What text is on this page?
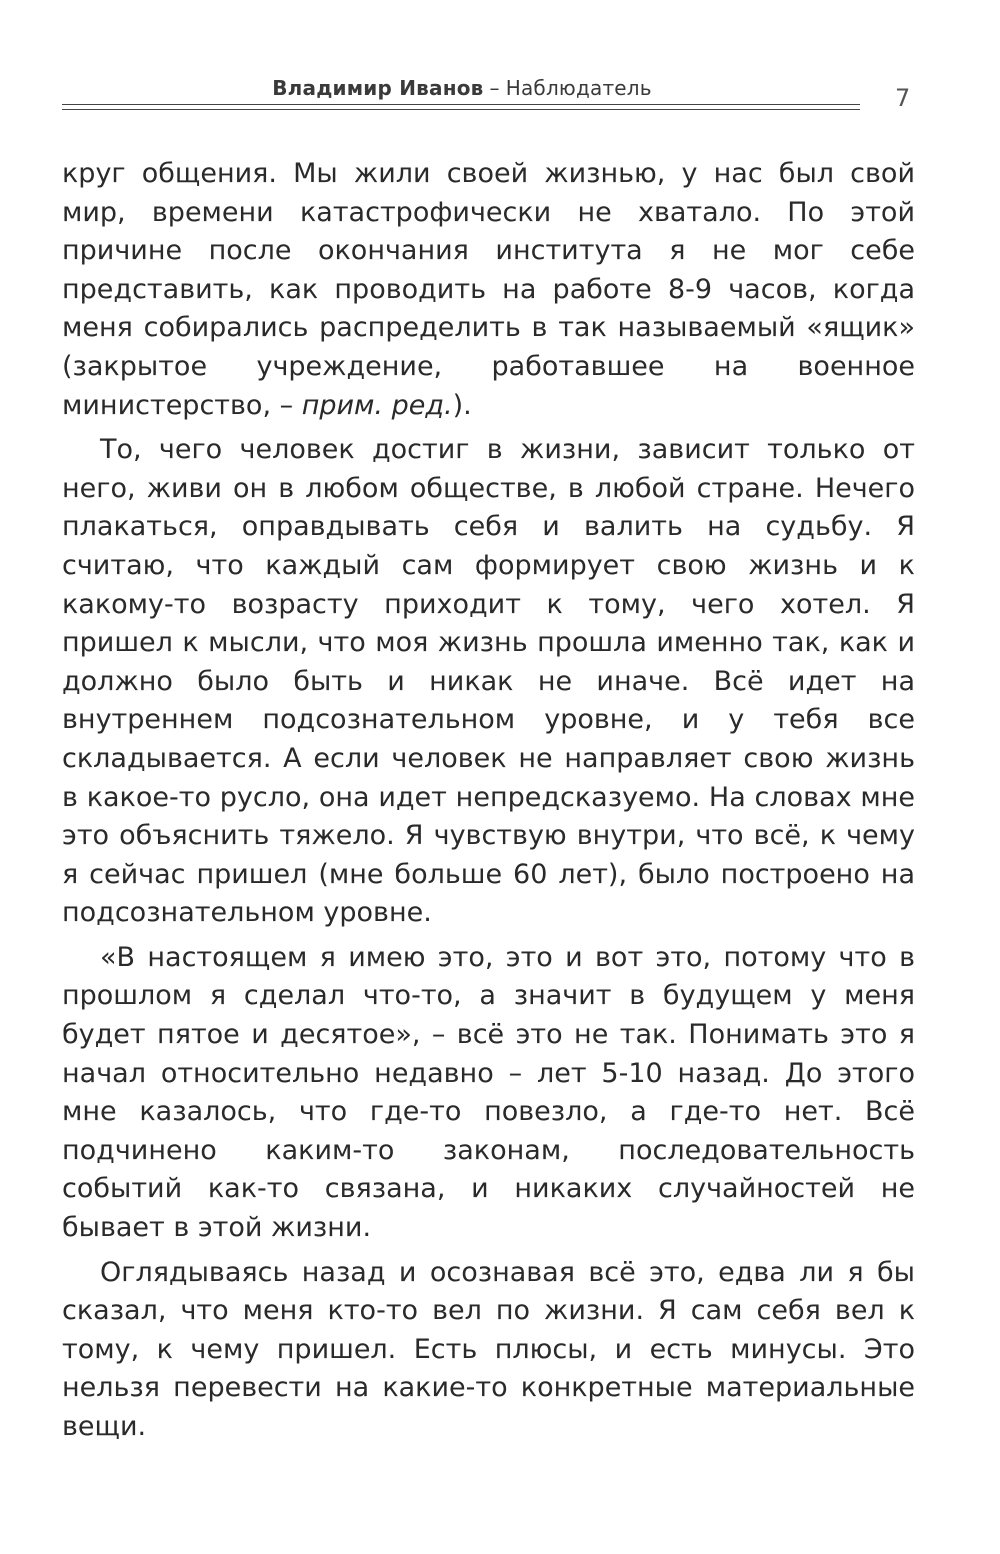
Владимир Иванов – Наблюдатель	7

круг общения. Мы жили своей жизнью, у нас был свой мир, времени катастрофически не хватало. По этой причине после окончания института я не мог себе представить, как проводить на работе 8-9 часов, когда меня собирались распределить в так называемый «ящик» (закрытое учреждение, работавшее на военное министерство, – прим. ред.).

То, чего человек достиг в жизни, зависит только от него, живи он в любом обществе, в любой стране. Нечего плакаться, оправдывать себя и валить на судьбу. Я считаю, что каждый сам формирует свою жизнь и к какому-то возрасту приходит к тому, чего хотел. Я пришел к мысли, что моя жизнь прошла именно так, как и должно было быть и никак не иначе. Всё идет на внутреннем подсознательном уровне, и у тебя все складывается. А если человек не направляет свою жизнь в какое-то русло, она идет непредсказуемо. На словах мне это объяснить тяжело. Я чувствую внутри, что всё, к чему я сейчас пришел (мне больше 60 лет), было построено на подсознательном уровне.

«В настоящем я имею это, это и вот это, потому что в прошлом я сделал что-то, а значит в будущем у меня будет пятое и десятое», – всё это не так. Понимать это я начал относительно недавно – лет 5-10 назад. До этого мне казалось, что где-то повезло, а где-то нет. Всё подчинено каким-то законам, последовательность событий как-то связана, и никаких случайностей не бывает в этой жизни.

Оглядываясь назад и осознавая всё это, едва ли я бы сказал, что меня кто-то вел по жизни. Я сам себя вел к тому, к чему пришел. Есть плюсы, и есть минусы. Это нельзя перевести на какие-то конкретные материальные вещи.
